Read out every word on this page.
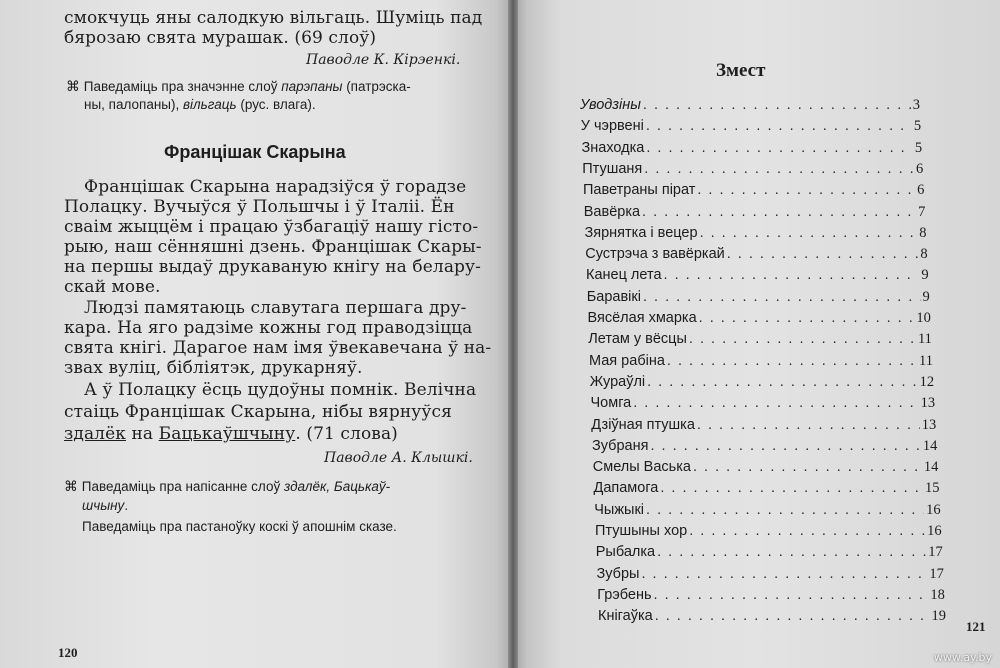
смокчуць яны салодкую вільгаць. Шуміць пад
бярозаю свята мурашак. (69 слоў)
Паводле К. Кірэенкі.
⌘ Паведаміць пра значэнне слоў парэпаны (патрэска-
ны, палопаны), вільгаць (рус. влага).
Францішак Скарына
Францішак Скарына нарадзіўся ў горадзе
Полацку. Вучыўся ў Польшчы і ў Італіі. Ён
сваім жыццём і працаю ўзбагаціў нашу гісто-
рыю, наш сённяшні дзень. Францішак Скары-
на першы выдаў друкаваную кнігу на белару-
скай мове.
Людзі памятаюць славутага першага дру-
кара. На яго радзіме кожны год праводзіцца
свята кнігі. Дарагое нам імя ўвекавечана ў на-
звах вуліц, бібліятэк, друкарняў.
А ў Полацку ёсць цудоўны помнік. Велічна
стаіць Францішак Скарына, нібы вярнуўся
здалёк на Бацькаўшчыну. (71 слова)
Паводле А. Клышкі.
⌘ Паведаміць пра напісанне слоў здалёк, Бацькаў-
шчыну.
Паведаміць пра пастаноўку коскі ў апошнім сказе.
120
Змест
Уводзіны . . .	3
У чэрвені . . .	5
Знаходка . . .	5
Птушаня . . .	6
Паветраны пірат . . .	6
Вавёрка . . .	7
Зярнятка і вецер . . .	8
Сустрэча з вавёркай . . .	8
Канец лета . . .	9
Баравікі . . .	9
Вясёлая хмарка . . .	10
Летам у вёсцы . . .	11
Мая рабіна . . .	11
Жураўлі . . .	12
Чомга . . .	13
Дзіўная птушка . . .	13
Зубраня . . .	14
Смелы Васька . . .	14
Дапамога . . .	15
Чыжыкі . . .	16
Птушыны хор . . .	16
Рыбалка . . .	17
Зубры . . .	17
Грэбень . . .	18
Кнігаўка . . .	19
121
www.ay.by
